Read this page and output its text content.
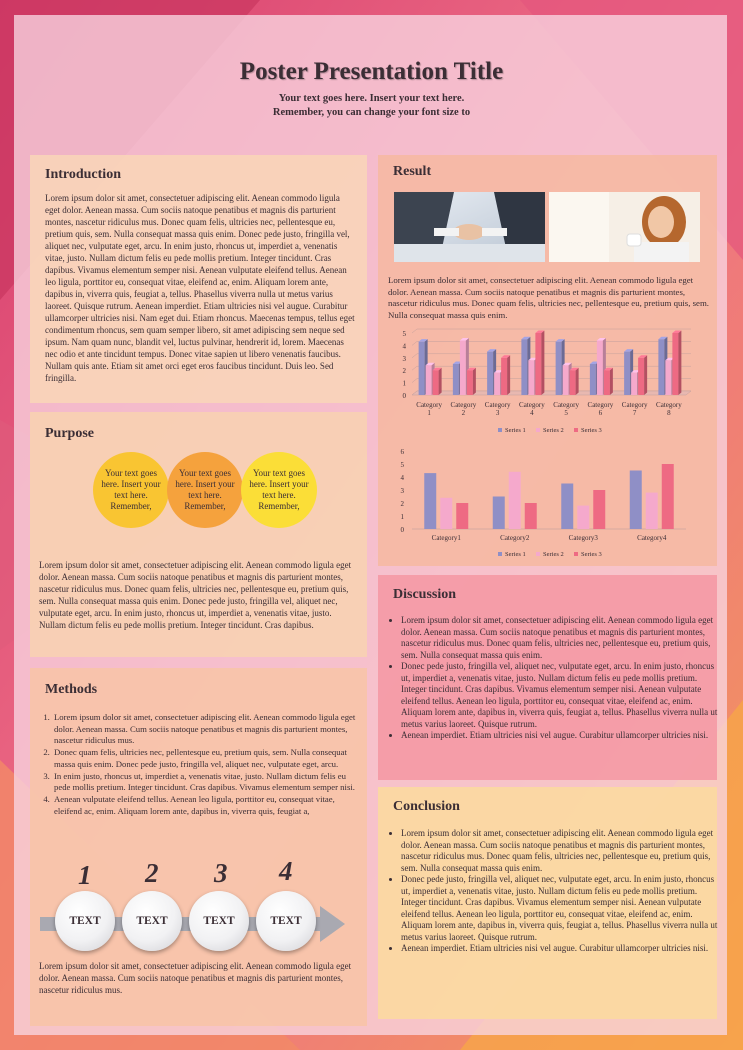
Poster Presentation Title
Your text goes here. Insert your text here.
Remember, you can change your font size to
Introduction
Lorem ipsum dolor sit amet, consectetuer adipiscing elit. Aenean commodo ligula eget dolor. Aenean massa. Cum sociis natoque penatibus et magnis dis parturient montes, nascetur ridiculus mus. Donec quam felis, ultricies nec, pellentesque eu, pretium quis, sem. Nulla consequat massa quis enim. Donec pede justo, fringilla vel, aliquet nec, vulputate eget, arcu. In enim justo, rhoncus ut, imperdiet a, venenatis vitae, justo. Nullam dictum felis eu pede mollis pretium. Integer tincidunt. Cras dapibus. Vivamus elementum semper nisi. Aenean vulputate eleifend tellus. Aenean leo ligula, porttitor eu, consequat vitae, eleifend ac, enim. Aliquam lorem ante, dapibus in, viverra quis, feugiat a, tellus. Phasellus viverra nulla ut metus varius laoreet. Quisque rutrum. Aenean imperdiet. Etiam ultricies nisi vel augue. Curabitur ullamcorper ultricies nisi. Nam eget dui. Etiam rhoncus. Maecenas tempus, tellus eget condimentum rhoncus, sem quam semper libero, sit amet adipiscing sem neque sed ipsum. Nam quam nunc, blandit vel, luctus pulvinar, hendrerit id, lorem. Maecenas nec odio et ante tincidunt tempus. Donec vitae sapien ut libero venenatis faucibus. Nullam quis ante. Etiam sit amet orci eget eros faucibus tincidunt. Duis leo. Sed fringilla.
Purpose
Your text goes here. Insert your text here. Remember,
Your text goes here. Insert your text here. Remember,
Your text goes here. Insert your text here. Remember,
Lorem ipsum dolor sit amet, consectetuer adipiscing elit. Aenean commodo ligula eget dolor. Aenean massa. Cum sociis natoque penatibus et magnis dis parturient montes, nascetur ridiculus mus. Donec quam felis, ultricies nec, pellentesque eu, pretium quis, sem. Nulla consequat massa quis enim. Donec pede justo, fringilla vel, aliquet nec, vulputate eget, arcu. In enim justo, rhoncus ut, imperdiet a, venenatis vitae, justo. Nullam dictum felis eu pede mollis pretium. Integer tincidunt. Cras dapibus.
Methods
1. Lorem ipsum dolor sit amet, consectetuer adipiscing elit. Aenean commodo ligula eget dolor. Aenean massa. Cum sociis natoque penatibus et magnis dis parturient montes, nascetur ridiculus mus.
2. Donec quam felis, ultricies nec, pellentesque eu, pretium quis, sem. Nulla consequat massa quis enim. Donec pede justo, fringilla vel, aliquet nec, vulputate eget, arcu.
3. In enim justo, rhoncus ut, imperdiet a, venenatis vitae, justo. Nullam dictum felis eu pede mollis pretium. Integer tincidunt. Cras dapibus. Vivamus elementum semper nisi.
4. Aenean vulputate eleifend tellus. Aenean leo ligula, porttitor eu, consequat vitae, eleifend ac, enim. Aliquam lorem ante, dapibus in, viverra quis, feugiat a,
1 2 3 4
TEXT	TEXT	TEXT	TEXT
Lorem ipsum dolor sit amet, consectetuer adipiscing elit. Aenean commodo ligula eget dolor. Aenean massa. Cum sociis natoque penatibus et magnis dis parturient montes, nascetur ridiculus mus.
Result
Lorem ipsum dolor sit amet, consectetuer adipiscing elit. Aenean commodo ligula eget dolor. Aenean massa. Cum sociis natoque penatibus et magnis dis parturient montes, nascetur ridiculus mus. Donec quam felis, ultricies nec, pellentesque eu, pretium quis, sem. Nulla consequat massa quis enim.
0
1
2
3
4
5
Category
1
Category
2
Category
3
Category
4
Category
5
Category
6
Category
7
Category
8
Series 1	Series 2	Series 3
0
1
2
3
4
5
6
Category1	Category2	Category3	Category4
Series 1	Series 2	Series 3
Discussion
• Lorem ipsum dolor sit amet, consectetuer adipiscing elit. Aenean commodo ligula eget dolor. Aenean massa. Cum sociis natoque penatibus et magnis dis parturient montes, nascetur ridiculus mus. Donec quam felis, ultricies nec, pellentesque eu, pretium quis, sem. Nulla consequat massa quis enim.
• Donec pede justo, fringilla vel, aliquet nec, vulputate eget, arcu. In enim justo, rhoncus ut, imperdiet a, venenatis vitae, justo. Nullam dictum felis eu pede mollis pretium. Integer tincidunt. Cras dapibus. Vivamus elementum semper nisi. Aenean vulputate eleifend tellus. Aenean leo ligula, porttitor eu, consequat vitae, eleifend ac, enim. Aliquam lorem ante, dapibus in, viverra quis, feugiat a, tellus. Phasellus viverra nulla ut metus varius laoreet. Quisque rutrum.
• Aenean imperdiet. Etiam ultricies nisi vel augue. Curabitur ullamcorper ultricies nisi.
Conclusion
• Lorem ipsum dolor sit amet, consectetuer adipiscing elit. Aenean commodo ligula eget dolor. Aenean massa. Cum sociis natoque penatibus et magnis dis parturient montes, nascetur ridiculus mus. Donec quam felis, ultricies nec, pellentesque eu, pretium quis, sem. Nulla consequat massa quis enim.
• Donec pede justo, fringilla vel, aliquet nec, vulputate eget, arcu. In enim justo, rhoncus ut, imperdiet a, venenatis vitae, justo. Nullam dictum felis eu pede mollis pretium. Integer tincidunt. Cras dapibus. Vivamus elementum semper nisi. Aenean vulputate eleifend tellus. Aenean leo ligula, porttitor eu, consequat vitae, eleifend ac, enim. Aliquam lorem ante, dapibus in, viverra quis, feugiat a, tellus. Phasellus viverra nulla ut metus varius laoreet. Quisque rutrum.
• Aenean imperdiet. Etiam ultricies nisi vel augue. Curabitur ullamcorper ultricies nisi.
